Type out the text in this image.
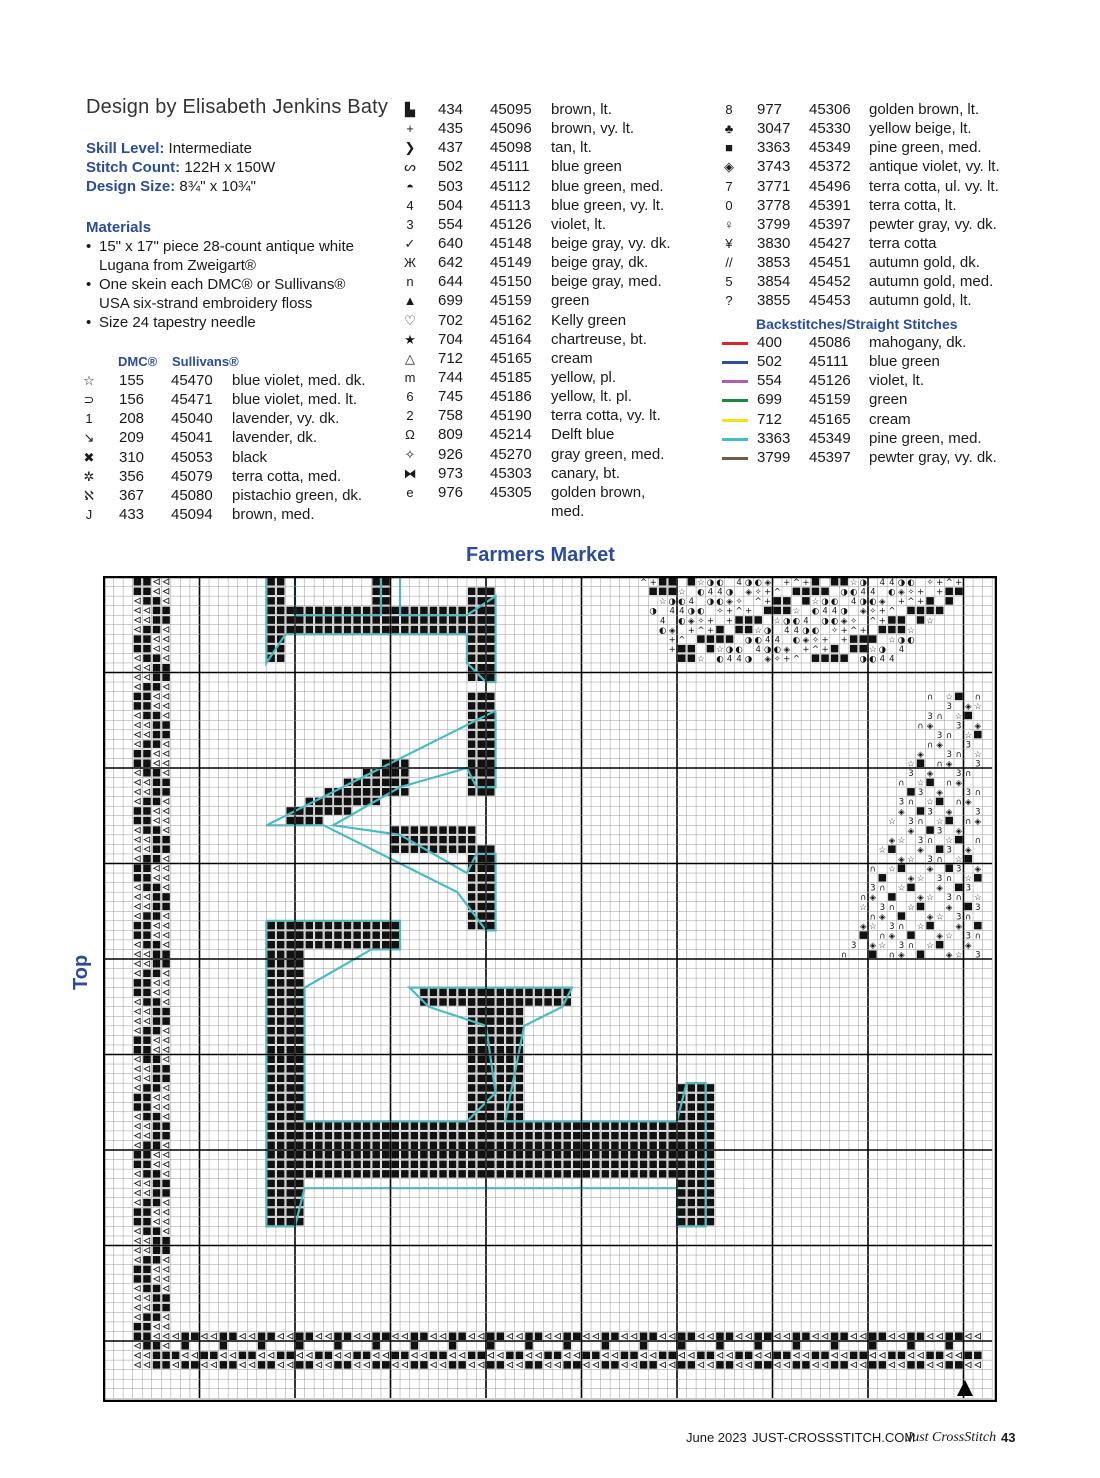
Design by Elisabeth Jenkins Baty
Skill Level: Intermediate
Stitch Count: 122H x 150W
Design Size: 8¾" x 10¾"
Materials
• 15" x 17" piece 28-count antique white Lugana from Zweigart®
• One skein each DMC® or Sullivans® USA six-strand embroidery floss
• Size 24 tapestry needle
DMC® Sullivans®
☆	155 45470 blue violet, med. dk.
⊃	156 45471 blue violet, med. lt.
1	208 45040 lavender, vy. dk.
↘	209 45041 lavender, dk.
✖	310 45053 black
✲	356 45079 terra cotta, med.
ℵ	367 45080 pistachio green, dk.
J	433 45094 brown, med.
▙	434 45095 brown, lt.
+	435 45096 brown, vy. lt.
❯	437 45098 tan, lt.
ᔕ	502 45111 blue green
◓	503 45112 blue green, med.
4	504 45113 blue green, vy. lt.
3	554 45126 violet, lt.
✓	640 45148 beige gray, vy. dk.
Ж	642 45149 beige gray, dk.
n	644 45150 beige gray, med.
▲	699 45159 green
♡	702 45162 Kelly green
★	704 45164 chartreuse, bt.
△	712 45165 cream
m	744 45185 yellow, pl.
6	745 45186 yellow, lt. pl.
2	758 45190 terra cotta, vy. lt.
Ω	809 45214 Delft blue
✧	926 45270 gray green, med.
⧓	973 45303 canary, bt.
e	976 45305 golden brown,
med.
8	977 45306 golden brown, lt.
♣	3047 45330 yellow beige, lt.
■	3363 45349 pine green, med.
◈	3743 45372 antique violet, vy. lt.
7	3771 45496 terra cotta, ul. vy. lt.
0	3778 45391 terra cotta, lt.
♀	3799 45397 pewter gray, vy. dk.
¥	3830 45427 terra cotta
//	3853 45451 autumn gold, dk.
5	3854 45452 autumn gold, med.
?	3855 45453 autumn gold, lt.
Backstitches/Straight Stitches
400 45086 mahogany, dk.
502 45111 blue green
554 45126 violet, lt.
699 45159 green
712 45165 cream
3363 45349 pine green, med.
3799 45397 pewter gray, vy. dk.
Farmers Market
Top
^ +	☆ ◑ ◐ 4 ◑ ◐ ◈ + ^ +	☆ ◑ 4 4 ◑ ◐ ✧ + ^ +
☆ ◐ 4 4 ◑ ◈ ✧ + ^	◑ ◐ 4 4 ◐ ◈ ✧ + +
☆ ◑ ◐ 4 ◑ ◐ ◈ ✧ ^ +	☆ ◑ ◐ 4 ◑ ◐ ◈ + ^ +
◑ 4 4 ◑ ◐ ✧ + ^ +	☆ ◐ 4 4 ◑ ◈ ✧ + ^
4 ◐ ◈ ✧ + +	☆ ◑ ◐ 4 ◑ ◐ ◈ ✧ ^ +	☆
◐ ◈ + ^ +	☆ ◑ 4 4 ◑ ◐ ✧ + ^ +	☆
+ ^	◑ ◐ 4 4 ◐ ◈ ✧ + +	☆ ◑ ◐
+	☆ ◑ ◐ 4 ◑ ◐ ◈ + ^ +	☆ ◑ 4
☆ ◐ 4 4 ◑ ◈ ✧ + ^	◑ ◐ 4 4
∩ ☆	∩
3 ◈ ☆
3 ∩ ☆
∩ ◈	3 ◈
3 ∩ ☆
∩ ◈	3
◈	3 ∩ ☆
☆	∩ ◈	3
3 ◈	3 ∩
∩ ☆	∩ ◈
3 ◈	3 ∩
3 ∩ ☆	∩ ◈
◈	3 ◈	3
☆ 3 ∩ ☆	∩ ◈
◈	3 ◈
◈ ☆ 3 ∩ ☆	∩
☆	◈	3 ◈
◈ ☆ 3 ∩ ☆
∩ ☆	◈	3 ◈
◈ ☆ 3 ∩ ☆
3 ∩ ☆	◈	3
∩ ◈	◈ ☆ 3 ∩ ☆
☆ 3 ∩ ☆	◈	3
∩ ◈	◈ ☆ 3 ∩
◈ ☆ 3 ∩ ☆	◈
∩ ◈	◈ ☆ 3 ∩
3 ◈ ☆ 3 ∩ ☆	◈
∩	∩ ◈	◈ ☆ 3
June 2023 JUST-CROSSSTITCH.COM
Just CrossStitch 43
